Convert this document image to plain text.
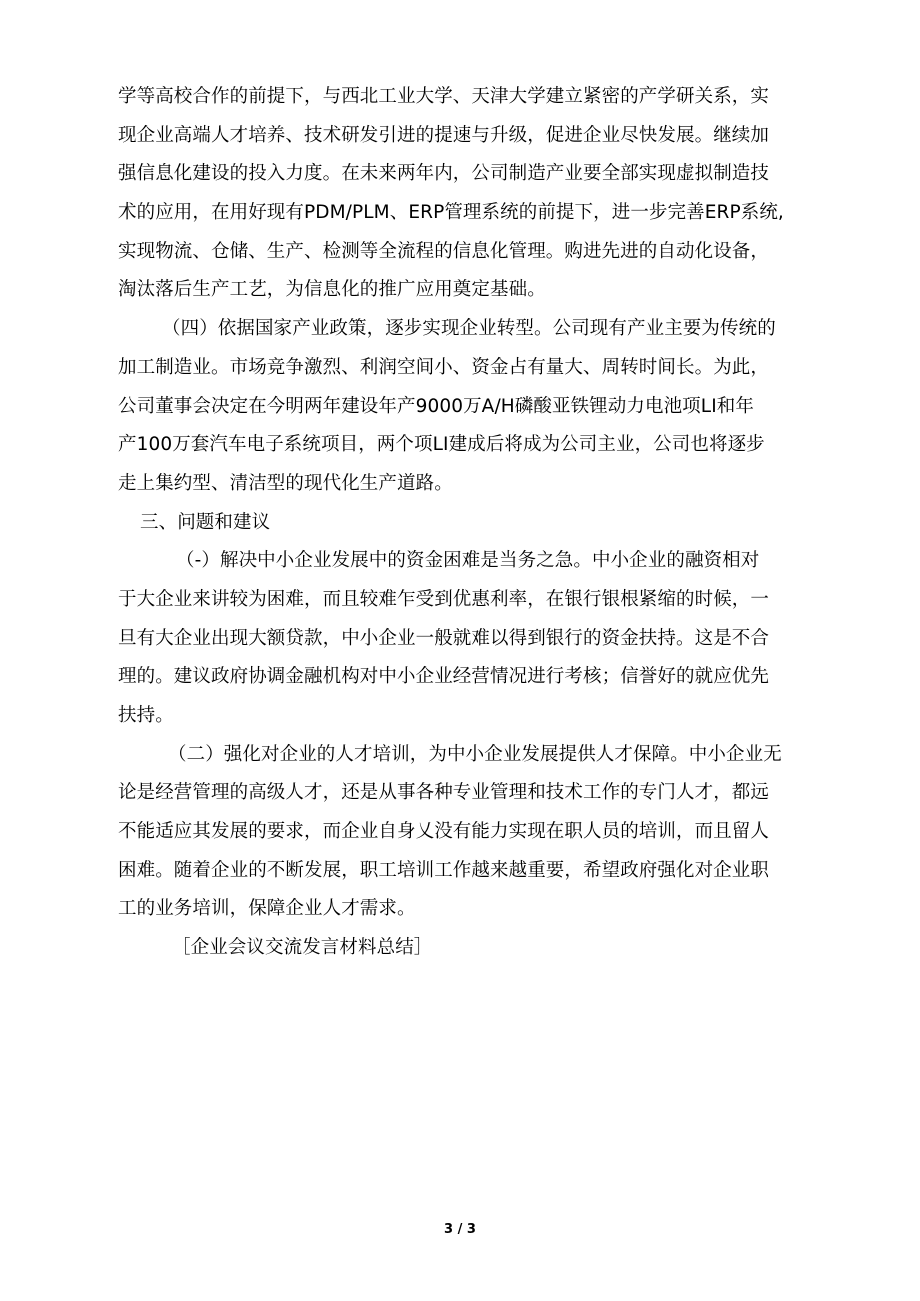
学等高校合作的前提下，与西北工业大学、天津大学建立紧密的产学研关系，实
现企业高端人才培养、技术研发引进的提速与升级，促进企业尽快发展。继续加
强信息化建设的投入力度。在未来两年内，公司制造产业要全部实现虚拟制造技
术的应用，在用好现有PDM/PLM、ERP管理系统的前提下，进一步完善ERP系统,
实现物流、仓储、生产、检测等全流程的信息化管理。购进先进的自动化设备，
淘汰落后生产工艺，为信息化的推广应用奠定基础。
（四）依据国家产业政策，逐步实现企业转型。公司现有产业主要为传统的
加工制造业。市场竞争激烈、利润空间小、资金占有量大、周转时间长。为此，
公司董事会决定在今明两年建设年产9000万A/H磷酸亚铁锂动力电池项LI和年
产100万套汽车电子系统项目，两个项LI建成后将成为公司主业，公司也将逐步
走上集约型、清洁型的现代化生产道路。
三、问题和建议
（-）解决中小企业发展中的资金困难是当务之急。中小企业的融资相对
于大企业来讲较为困难，而且较难乍受到优惠利率，在银行银根紧缩的时候，一
旦有大企业出现大额贷款，中小企业一般就难以得到银行的资金扶持。这是不合
理的。建议政府协调金融机构对中小企业经营情况进行考核；信誉好的就应优先
扶持。
（二）强化对企业的人才培训，为中小企业发展提供人才保障。中小企业无
论是经营管理的高级人才，还是从事各种专业管理和技术工作的专门人才，都远
不能适应其发展的要求，而企业自身乂没有能力实现在职人员的培训，而且留人
困难。随着企业的不断发展，职工培训工作越来越重要，希望政府强化对企业职
工的业务培训，保障企业人才需求。
［企业会议交流发言材料总结］
3 / 3
